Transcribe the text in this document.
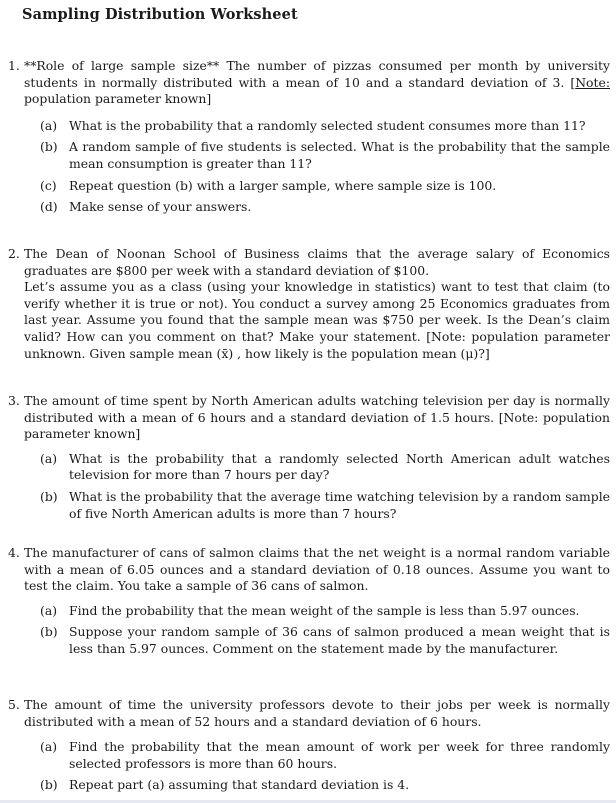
Sampling Distribution Worksheet
1. **Role of large sample size** The number of pizzas consumed per month by university students in normally distributed with a mean of 10 and a standard deviation of 3. [Note: population parameter known]

(a) What is the probability that a randomly selected student consumes more than 11?
(b) A random sample of five students is selected. What is the probability that the sample mean consumption is greater than 11?
(c) Repeat question (b) with a larger sample, where sample size is 100.
(d) Make sense of your answers.
2. The Dean of Noonan School of Business claims that the average salary of Economics graduates are $800 per week with a standard deviation of $100.

Let’s assume you as a class (using your knowledge in statistics) want to test that claim (to verify whether it is true or not). You conduct a survey among 25 Economics graduates from last year. Assume you found that the sample mean was $750 per week. Is the Dean’s claim valid? How can you comment on that? Make your statement. [Note: population parameter unknown. Given sample mean (x̄) , how likely is the population mean (μ)?]

3. The amount of time spent by North American adults watching television per day is normally distributed with a mean of 6 hours and a standard deviation of 1.5 hours. [Note: population parameter known]

(a) What is the probability that a randomly selected North American adult watches television for more than 7 hours per day?
(b) What is the probability that the average time watching television by a random sample of five North American adults is more than 7 hours?
4. The manufacturer of cans of salmon claims that the net weight is a normal random variable with a mean of 6.05 ounces and a standard deviation of 0.18 ounces. Assume you want to test the claim. You take a sample of 36 cans of salmon.

(a) Find the probability that the mean weight of the sample is less than 5.97 ounces.
(b) Suppose your random sample of 36 cans of salmon produced a mean weight that is less than 5.97 ounces. Comment on the statement made by the manufacturer.
5. The amount of time the university professors devote to their jobs per week is normally distributed with a mean of 52 hours and a standard deviation of 6 hours.

(a) Find the probability that the mean amount of work per week for three randomly selected professors is more than 60 hours.
(b) Repeat part (a) assuming that standard deviation is 4.
